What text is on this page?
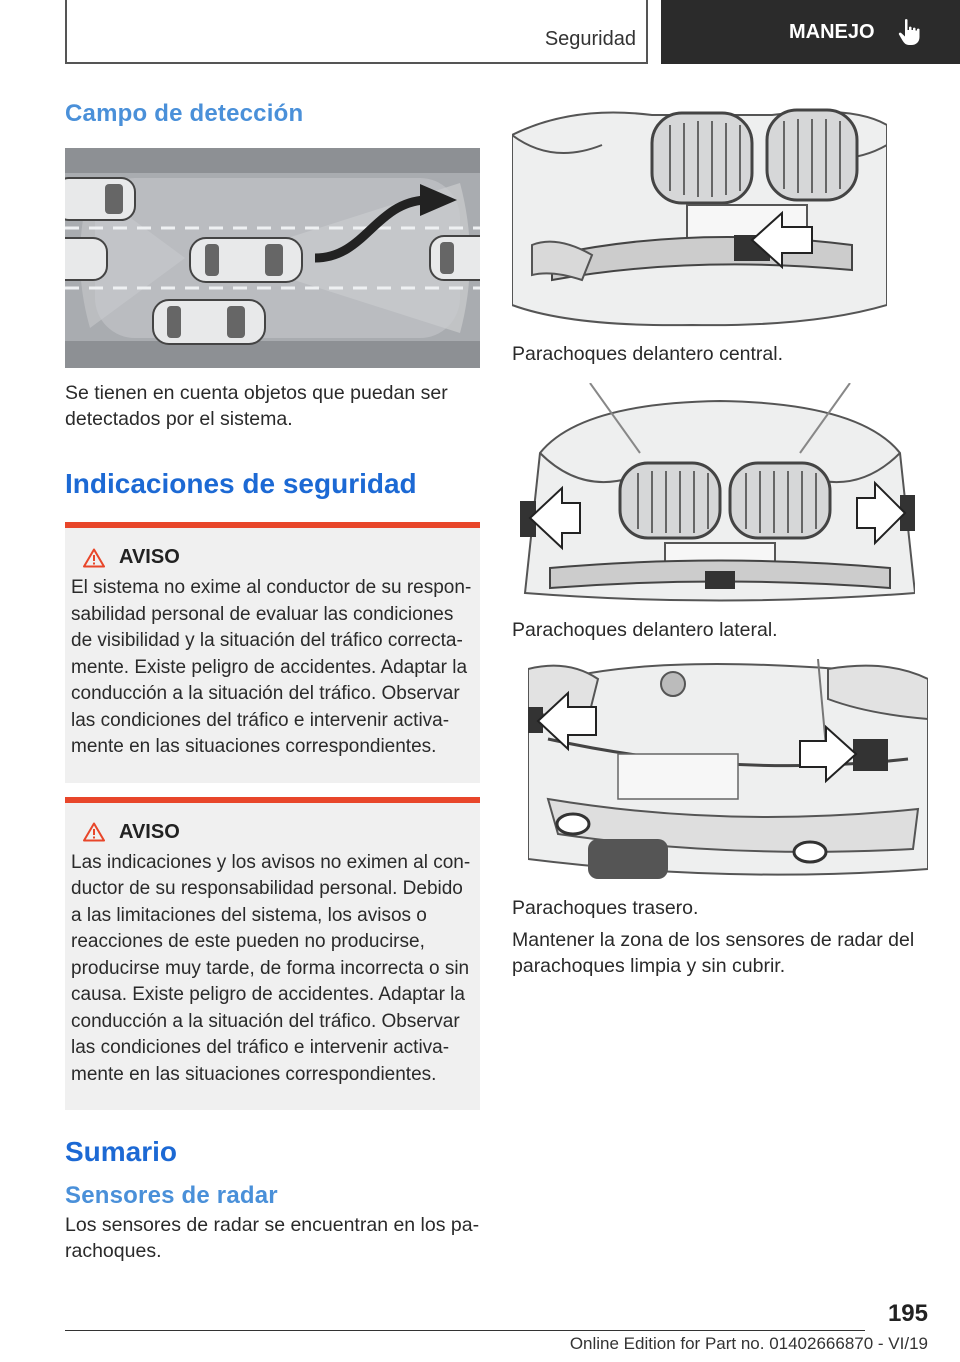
Seguridad	MANEJO
Campo de detección

Se tienen en cuenta objetos que puedan ser detectados por el sistema.

Indicaciones de seguridad
AVISO

El sistema no exime al conductor de su responsabilidad personal de evaluar las condiciones de visibilidad y la situación del tráfico correctamente. Existe peligro de accidentes. Adaptar la conducción a la situación del tráfico. Observar las condiciones del tráfico e intervenir activamente en las situaciones correspondientes.

AVISO

Las indicaciones y los avisos no eximen al conductor de su responsabilidad personal. Debido a las limitaciones del sistema, los avisos o reacciones de este pueden no producirse, producirse muy tarde, de forma incorrecta o sin causa. Existe peligro de accidentes. Adaptar la conducción a la situación del tráfico. Observar las condiciones del tráfico e intervenir activamente en las situaciones correspondientes.

Sumario
Sensores de radar

Los sensores de radar se encuentran en los parachoques.

Parachoques delantero central.

Parachoques delantero lateral.

Parachoques trasero.

Mantener la zona de los sensores de radar del parachoques limpia y sin cubrir.

195
Online Edition for Part no. 01402666870 - VI/19
